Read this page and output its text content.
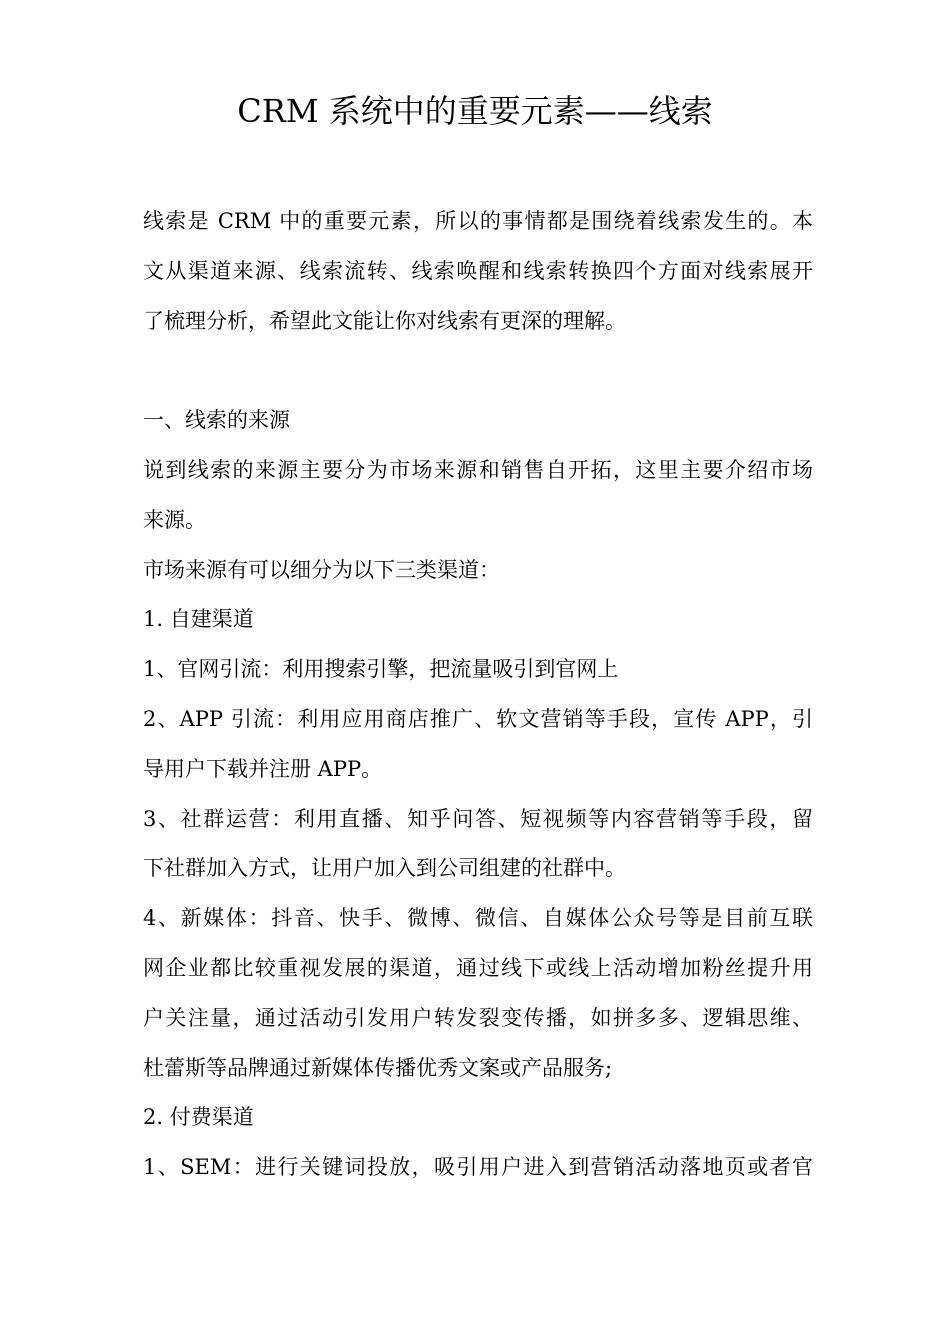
CRM 系统中的重要元素——线索
线索是 CRM 中的重要元素，所以的事情都是围绕着线索发生的。本
文从渠道来源、线索流转、线索唤醒和线索转换四个方面对线索展开
了梳理分析，希望此文能让你对线索有更深的理解。
一、线索的来源
说到线索的来源主要分为市场来源和销售自开拓，这里主要介绍市场
来源。
市场来源有可以细分为以下三类渠道：
1. 自建渠道
1、官网引流：利用搜索引擎，把流量吸引到官网上
2、APP 引流：利用应用商店推广、软文营销等手段，宣传 APP，引
导用户下载并注册 APP。
3、社群运营：利用直播、知乎问答、短视频等内容营销等手段，留
下社群加入方式，让用户加入到公司组建的社群中。
4、新媒体：抖音、快手、微博、微信、自媒体公众号等是目前互联
网企业都比较重视发展的渠道，通过线下或线上活动增加粉丝提升用
户关注量，通过活动引发用户转发裂变传播，如拼多多、逻辑思维、
杜蕾斯等品牌通过新媒体传播优秀文案或产品服务;
2. 付费渠道
1、SEM：进行关键词投放，吸引用户进入到营销活动落地页或者官
